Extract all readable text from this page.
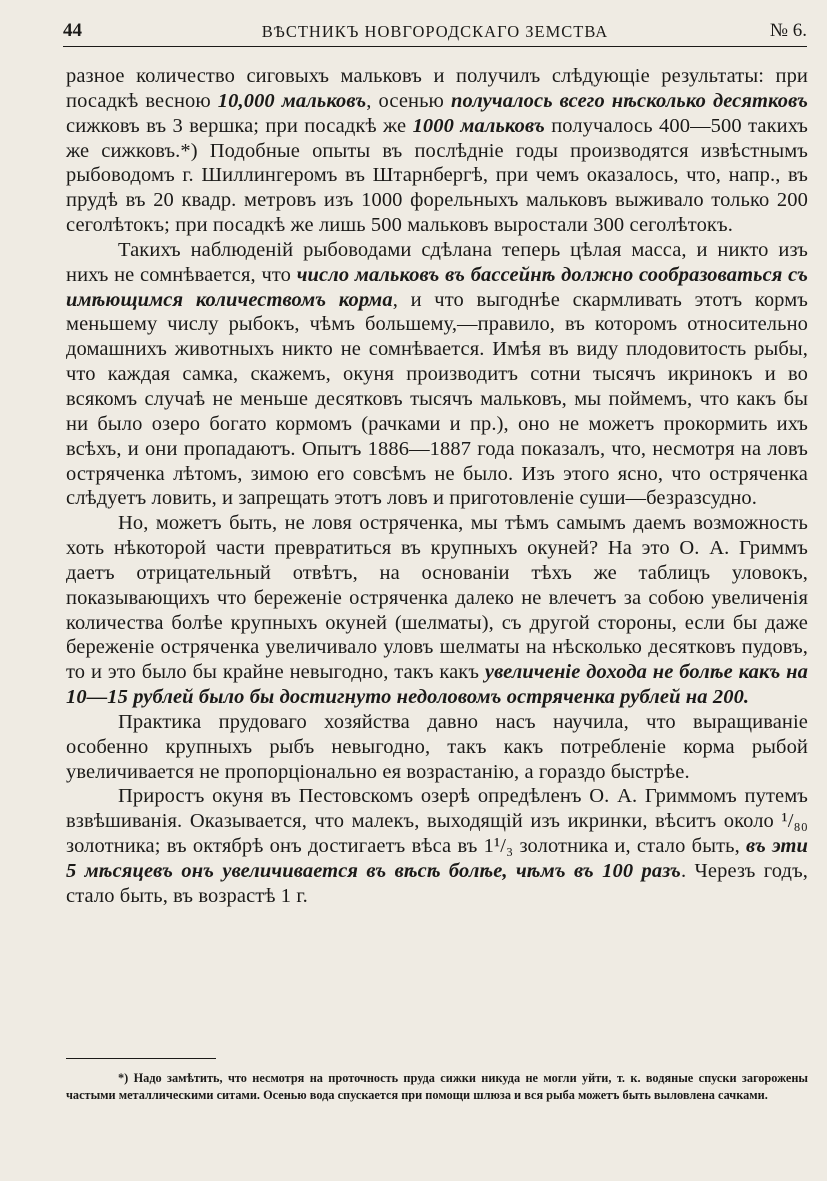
44	ВѢСТНИКЪ НОВГОРОДСКАГО ЗЕМСТВА	№ 6.

разное количество сиговыхъ мальковъ и получилъ слѣдующіе результаты: при посадкѣ весною 10,000 мальковъ, осенью получалось всего нѣсколько десятковъ сижковъ въ 3 вершка; при посадкѣ же 1000 мальковъ получалось 400—500 такихъ же сижковъ.*) Подобные опыты въ послѣдніе годы производятся извѣстнымъ рыбоводомъ г. Шиллингеромъ въ Штарнбергѣ, при чемъ оказалось, что, напр., въ прудѣ въ 20 квадр. метровъ изъ 1000 форельныхъ мальковъ выживало только 200 сеголѣтокъ; при посадкѣ же лишь 500 мальковъ выростали 300 сеголѣтокъ.

Такихъ наблюденій рыбоводами сдѣлана теперь цѣлая масса, и никто изъ нихъ не сомнѣвается, что число мальковъ въ бассейнѣ должно сообразоваться съ имѣющимся количествомъ корма, и что выгоднѣе скармливать этотъ кормъ меньшему числу рыбокъ, чѣмъ большему,—правило, въ которомъ относительно домашнихъ животныхъ никто не сомнѣвается. Имѣя въ виду плодовитость рыбы, что каждая самка, скажемъ, окуня производитъ сотни тысячъ икринокъ и во всякомъ случаѣ не меньше десятковъ тысячъ мальковъ, мы поймемъ, что какъ бы ни было озеро богато кормомъ (рачками и пр.), оно не можетъ прокормить ихъ всѣхъ, и они пропадаютъ. Опытъ 1886—1887 года показалъ, что, несмотря на ловъ остряченка лѣтомъ, зимою его совсѣмъ не было. Изъ этого ясно, что остряченка слѣдуетъ ловить, и запрещать этотъ ловъ и приготовленіе суши—безразсудно.

Но, можетъ быть, не ловя остряченка, мы тѣмъ самымъ даемъ возможность хоть нѣкоторой части превратиться въ крупныхъ окуней? На это О. А. Гриммъ даетъ отрицательный отвѣтъ, на основаніи тѣхъ же таблицъ уловокъ, показывающихъ что береженіе остряченка далеко не влечетъ за собою увеличенія количества болѣе крупныхъ окуней (шелматы), съ другой стороны, если бы даже береженіе остряченка увеличивало уловъ шелматы на нѣсколько десятковъ пудовъ, то и это было бы крайне невыгодно, такъ какъ увеличеніе дохода не болѣе какъ на 10—15 рублей было бы достигнуто недоловомъ остряченка рублей на 200.

Практика прудоваго хозяйства давно насъ научила, что выращиваніе особенно крупныхъ рыбъ невыгодно, такъ какъ потребленіе корма рыбой увеличивается не пропорціонально ея возрастанію, а гораздо быстрѣе.

Приростъ окуня въ Пестовскомъ озерѣ опредѣленъ О. А. Гриммомъ путемъ взвѣшиванія. Оказывается, что малекъ, выходящій изъ икринки, вѣситъ около ¹/₈₀ золотника; въ октябрѣ онъ достигаетъ вѣса въ 1¹/₃ золотника и, стало быть, въ эти 5 мѣсяцевъ онъ увеличивается въ вѣсѣ болѣе, чѣмъ въ 100 разъ. Черезъ годъ, стало быть, въ возрастѣ 1 г.

*) Надо замѣтить, что несмотря на проточность пруда сижки никуда не могли уйти, т. к. водяные спуски загорожены частыми металлическими ситами. Осенью вода спускается при помощи шлюза и вся рыба можетъ быть выловлена сачками.
